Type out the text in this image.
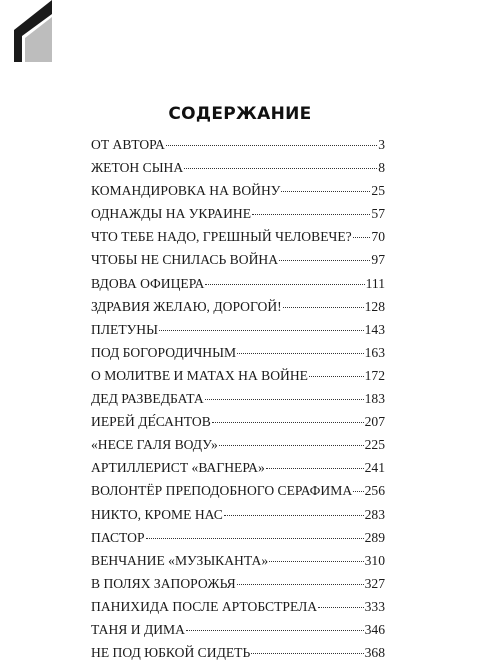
СОДЕРЖАНИЕ
ОТ АВТОРА	3
ЖЕТОН СЫНА	8
КОМАНДИРОВКА НА ВОЙНУ	25
ОДНАЖДЫ НА УКРАИНЕ	57
ЧТО ТЕБЕ НАДО, ГРЕШНЫЙ ЧЕЛОВЕЧЕ? 70
ЧТОБЫ НЕ СНИЛАСЬ ВОЙНА	97
ВДОВА ОФИЦЕРА	111
ЗДРАВИЯ ЖЕЛАЮ, ДОРОГОЙ!	128
ПЛЕТУНЫ	143
ПОД БОГОРОДИЧНЫМ	163
О МОЛИТВЕ И МАТАХ НА ВОЙНЕ	172
ДЕД РАЗВЕДБАТА	183
ИЕРЕЙ ДЕ́САНТОВ	207
«НЕСЕ ГАЛЯ ВОДУ»	225
АРТИЛЛЕРИСТ «ВАГНЕРА»	241
ВОЛОНТЁР ПРЕПОДОБНОГО СЕРАФИМА 256
НИКТО, КРОМЕ НАС	283
ПАСТОР	289
ВЕНЧАНИЕ «МУЗЫКАНТА»	310
В ПОЛЯХ ЗАПОРОЖЬЯ	327
ПАНИХИДА ПОСЛЕ АРТОБСТРЕЛА	333
ТАНЯ И ДИМА	346
НЕ ПОД ЮБКОЙ СИДЕТЬ	368
